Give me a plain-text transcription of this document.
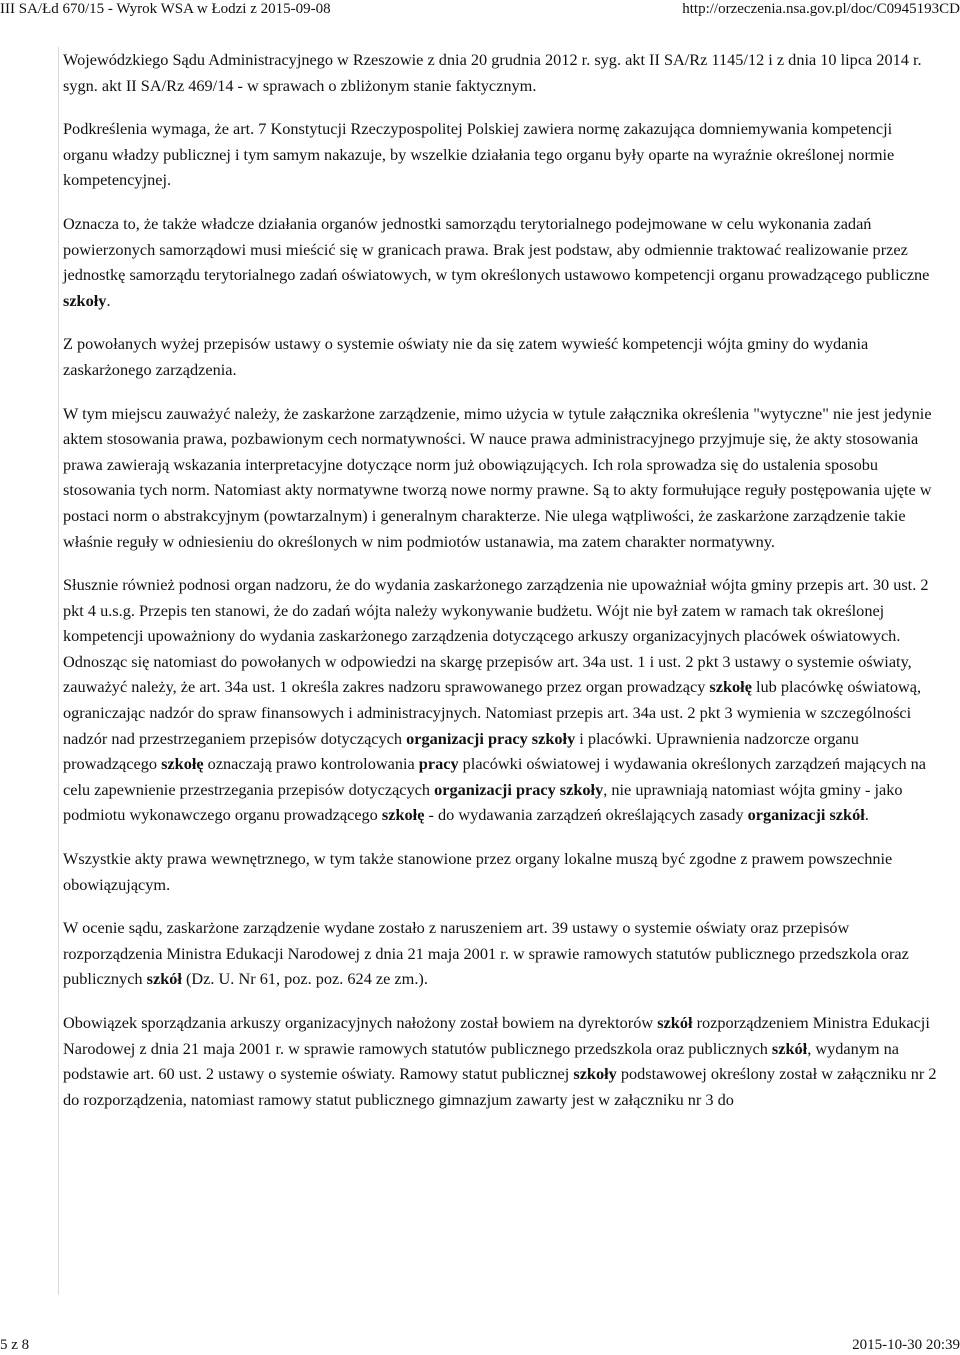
III SA/Łd 670/15 - Wyrok WSA w Łodzi z 2015-09-08	http://orzeczenia.nsa.gov.pl/doc/C0945193CD

Wojewódzkiego Sądu Administracyjnego w Rzeszowie z dnia 20 grudnia 2012 r. syg. akt II SA/Rz 1145/12 i z dnia 10 lipca 2014 r. sygn. akt II SA/Rz 469/14 - w sprawach o zbliżonym stanie faktycznym.

Podkreślenia wymaga, że art. 7 Konstytucji Rzeczypospolitej Polskiej zawiera normę zakazująca domniemywania kompetencji organu władzy publicznej i tym samym nakazuje, by wszelkie działania tego organu były oparte na wyraźnie określonej normie kompetencyjnej.

Oznacza to, że także władcze działania organów jednostki samorządu terytorialnego podejmowane w celu wykonania zadań powierzonych samorządowi musi mieścić się w granicach prawa. Brak jest podstaw, aby odmiennie traktować realizowanie przez jednostkę samorządu terytorialnego zadań oświatowych, w tym określonych ustawowo kompetencji organu prowadzącego publiczne szkoły.

Z powołanych wyżej przepisów ustawy o systemie oświaty nie da się zatem wywieść kompetencji wójta gminy do wydania zaskarżonego zarządzenia.

W tym miejscu zauważyć należy, że zaskarżone zarządzenie, mimo użycia w tytule załącznika określenia "wytyczne" nie jest jedynie aktem stosowania prawa, pozbawionym cech normatywności. W nauce prawa administracyjnego przyjmuje się, że akty stosowania prawa zawierają wskazania interpretacyjne dotyczące norm już obowiązujących. Ich rola sprowadza się do ustalenia sposobu stosowania tych norm. Natomiast akty normatywne tworzą nowe normy prawne. Są to akty formułujące reguły postępowania ujęte w postaci norm o abstrakcyjnym (powtarzalnym) i generalnym charakterze. Nie ulega wątpliwości, że zaskarżone zarządzenie takie właśnie reguły w odniesieniu do określonych w nim podmiotów ustanawia, ma zatem charakter normatywny.

Słusznie również podnosi organ nadzoru, że do wydania zaskarżonego zarządzenia nie upoważniał wójta gminy przepis art. 30 ust. 2 pkt 4 u.s.g. Przepis ten stanowi, że do zadań wójta należy wykonywanie budżetu. Wójt nie był zatem w ramach tak określonej kompetencji upoważniony do wydania zaskarżonego zarządzenia dotyczącego arkuszy organizacyjnych placówek oświatowych. Odnosząc się natomiast do powołanych w odpowiedzi na skargę przepisów art. 34a ust. 1 i ust. 2 pkt 3 ustawy o systemie oświaty, zauważyć należy, że art. 34a ust. 1 określa zakres nadzoru sprawowanego przez organ prowadzący szkołę lub placówkę oświatową, ograniczając nadzór do spraw finansowych i administracyjnych. Natomiast przepis art. 34a ust. 2 pkt 3 wymienia w szczególności nadzór nad przestrzeganiem przepisów dotyczących organizacji pracy szkoły i placówki. Uprawnienia nadzorcze organu prowadzącego szkołę oznaczają prawo kontrolowania pracy placówki oświatowej i wydawania określonych zarządzeń mających na celu zapewnienie przestrzegania przepisów dotyczących organizacji pracy szkoły, nie uprawniają natomiast wójta gminy - jako podmiotu wykonawczego organu prowadzącego szkołę - do wydawania zarządzeń określających zasady organizacji szkół.

Wszystkie akty prawa wewnętrznego, w tym także stanowione przez organy lokalne muszą być zgodne z prawem powszechnie obowiązującym.

W ocenie sądu, zaskarżone zarządzenie wydane zostało z naruszeniem art. 39 ustawy o systemie oświaty oraz przepisów rozporządzenia Ministra Edukacji Narodowej z dnia 21 maja 2001 r. w sprawie ramowych statutów publicznego przedszkola oraz publicznych szkół (Dz. U. Nr 61, poz. poz. 624 ze zm.).

Obowiązek sporządzania arkuszy organizacyjnych nałożony został bowiem na dyrektorów szkół rozporządzeniem Ministra Edukacji Narodowej z dnia 21 maja 2001 r. w sprawie ramowych statutów publicznego przedszkola oraz publicznych szkół, wydanym na podstawie art. 60 ust. 2 ustawy o systemie oświaty. Ramowy statut publicznej szkoły podstawowej określony został w załączniku nr 2 do rozporządzenia, natomiast ramowy statut publicznego gimnazjum zawarty jest w załączniku nr 3 do

5 z 8	2015-10-30 20:39
